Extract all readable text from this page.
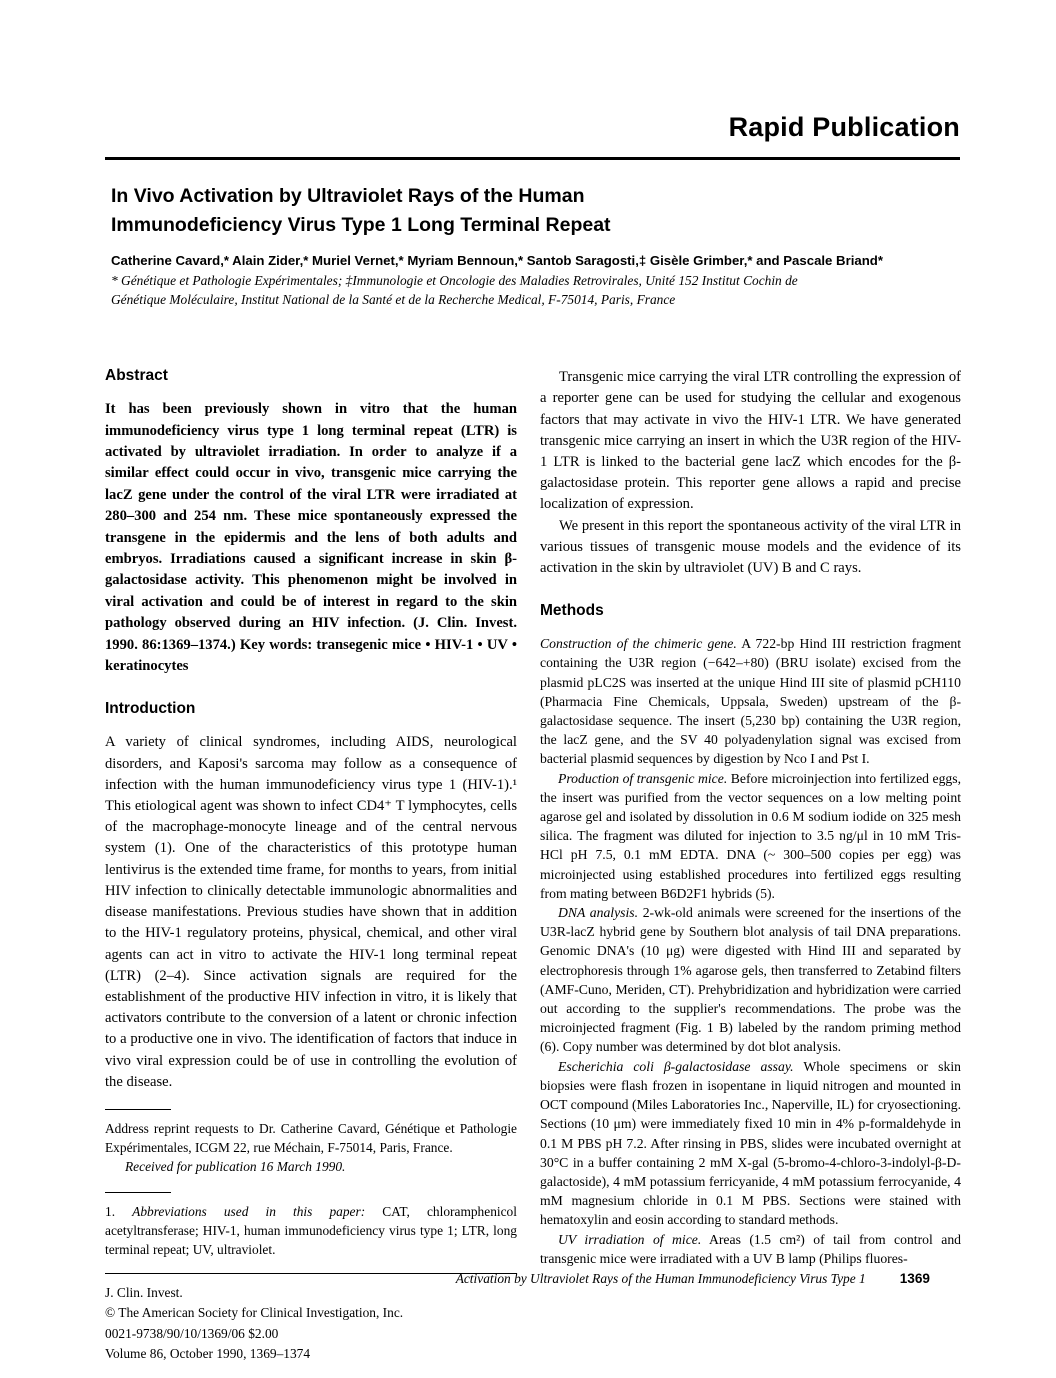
Rapid Publication
In Vivo Activation by Ultraviolet Rays of the Human
Immunodeficiency Virus Type 1 Long Terminal Repeat
Catherine Cavard,* Alain Zider,* Muriel Vernet,* Myriam Bennoun,* Santob Saragosti,‡ Gisèle Grimber,* and Pascale Briand*
* Génétique et Pathologie Expérimentales; ‡Immunologie et Oncologie des Maladies Retrovirales, Unité 152 Institut Cochin de
Génétique Moléculaire, Institut National de la Santé et de la Recherche Medical, F-75014, Paris, France
Abstract

It has been previously shown in vitro that the human immunodeficiency virus type 1 long terminal repeat (LTR) is activated by ultraviolet irradiation. In order to analyze if a similar effect could occur in vivo, transgenic mice carrying the lacZ gene under the control of the viral LTR were irradiated at 280–300 and 254 nm. These mice spontaneously expressed the transgene in the epidermis and the lens of both adults and embryos. Irradiations caused a significant increase in skin β-galactosidase activity. This phenomenon might be involved in viral activation and could be of interest in regard to the skin pathology observed during an HIV infection. (J. Clin. Invest. 1990. 86:1369–1374.) Key words: transegenic mice • HIV-1 • UV • keratinocytes

Introduction

A variety of clinical syndromes, including AIDS, neurological disorders, and Kaposi's sarcoma may follow as a consequence of infection with the human immunodeficiency virus type 1 (HIV-1).¹ This etiological agent was shown to infect CD4⁺ T lymphocytes, cells of the macrophage-monocyte lineage and of the central nervous system (1). One of the characteristics of this prototype human lentivirus is the extended time frame, for months to years, from initial HIV infection to clinically detectable immunologic abnormalities and disease manifestations. Previous studies have shown that in addition to the HIV-1 regulatory proteins, physical, chemical, and other viral agents can act in vitro to activate the HIV-1 long terminal repeat (LTR) (2–4). Since activation signals are required for the establishment of the productive HIV infection in vitro, it is likely that activators contribute to the conversion of a latent or chronic infection to a productive one in vivo. The identification of factors that induce in vivo viral expression could be of use in controlling the evolution of the disease.

Address reprint requests to Dr. Catherine Cavard, Génétique et Pathologie Expérimentales, ICGM 22, rue Méchain, F-75014, Paris, France.

Received for publication 16 March 1990.

1. Abbreviations used in this paper: CAT, chloramphenicol acetyltransferase; HIV-1, human immunodeficiency virus type 1; LTR, long terminal repeat; UV, ultraviolet.

J. Clin. Invest.

© The American Society for Clinical Investigation, Inc.

0021-9738/90/10/1369/06 $2.00

Volume 86, October 1990, 1369–1374

Transgenic mice carrying the viral LTR controlling the expression of a reporter gene can be used for studying the cellular and exogenous factors that may activate in vivo the HIV-1 LTR. We have generated transgenic mice carrying an insert in which the U3R region of the HIV-1 LTR is linked to the bacterial gene lacZ which encodes for the β-galactosidase protein. This reporter gene allows a rapid and precise localization of expression.

We present in this report the spontaneous activity of the viral LTR in various tissues of transgenic mouse models and the evidence of its activation in the skin by ultraviolet (UV) B and C rays.

Methods

Construction of the chimeric gene. A 722-bp Hind III restriction fragment containing the U3R region (−642–+80) (BRU isolate) excised from the plasmid pLC2S was inserted at the unique Hind III site of plasmid pCH110 (Pharmacia Fine Chemicals, Uppsala, Sweden) upstream of the β-galactosidase sequence. The insert (5,230 bp) containing the U3R region, the lacZ gene, and the SV 40 polyadenylation signal was excised from bacterial plasmid sequences by digestion by Nco I and Pst I.

Production of transgenic mice. Before microinjection into fertilized eggs, the insert was purified from the vector sequences on a low melting point agarose gel and isolated by dissolution in 0.6 M sodium iodide on 325 mesh silica. The fragment was diluted for injection to 3.5 ng/μl in 10 mM Tris-HCl pH 7.5, 0.1 mM EDTA. DNA (~ 300–500 copies per egg) was microinjected using established procedures into fertilized eggs resulting from mating between B6D2F1 hybrids (5).

DNA analysis. 2-wk-old animals were screened for the insertions of the U3R-lacZ hybrid gene by Southern blot analysis of tail DNA preparations. Genomic DNA's (10 μg) were digested with Hind III and separated by electrophoresis through 1% agarose gels, then transferred to Zetabind filters (AMF-Cuno, Meriden, CT). Prehybridization and hybridization were carried out according to the supplier's recommendations. The probe was the microinjected fragment (Fig. 1 B) labeled by the random priming method (6). Copy number was determined by dot blot analysis.

Escherichia coli β-galactosidase assay. Whole specimens or skin biopsies were flash frozen in isopentane in liquid nitrogen and mounted in OCT compound (Miles Laboratories Inc., Naperville, IL) for cryosectioning. Sections (10 μm) were immediately fixed 10 min in 4% p-formaldehyde in 0.1 M PBS pH 7.2. After rinsing in PBS, slides were incubated overnight at 30°C in a buffer containing 2 mM X-gal (5-bromo-4-chloro-3-indolyl-β-D-galactoside), 4 mM potassium ferricyanide, 4 mM potassium ferrocyanide, 4 mM magnesium chloride in 0.1 M PBS. Sections were stained with hematoxylin and eosin according to standard methods.

UV irradiation of mice. Areas (1.5 cm²) of tail from control and transgenic mice were irradiated with a UV B lamp (Philips fluores-

Activation by Ultraviolet Rays of the Human Immunodeficiency Virus Type 1	1369
